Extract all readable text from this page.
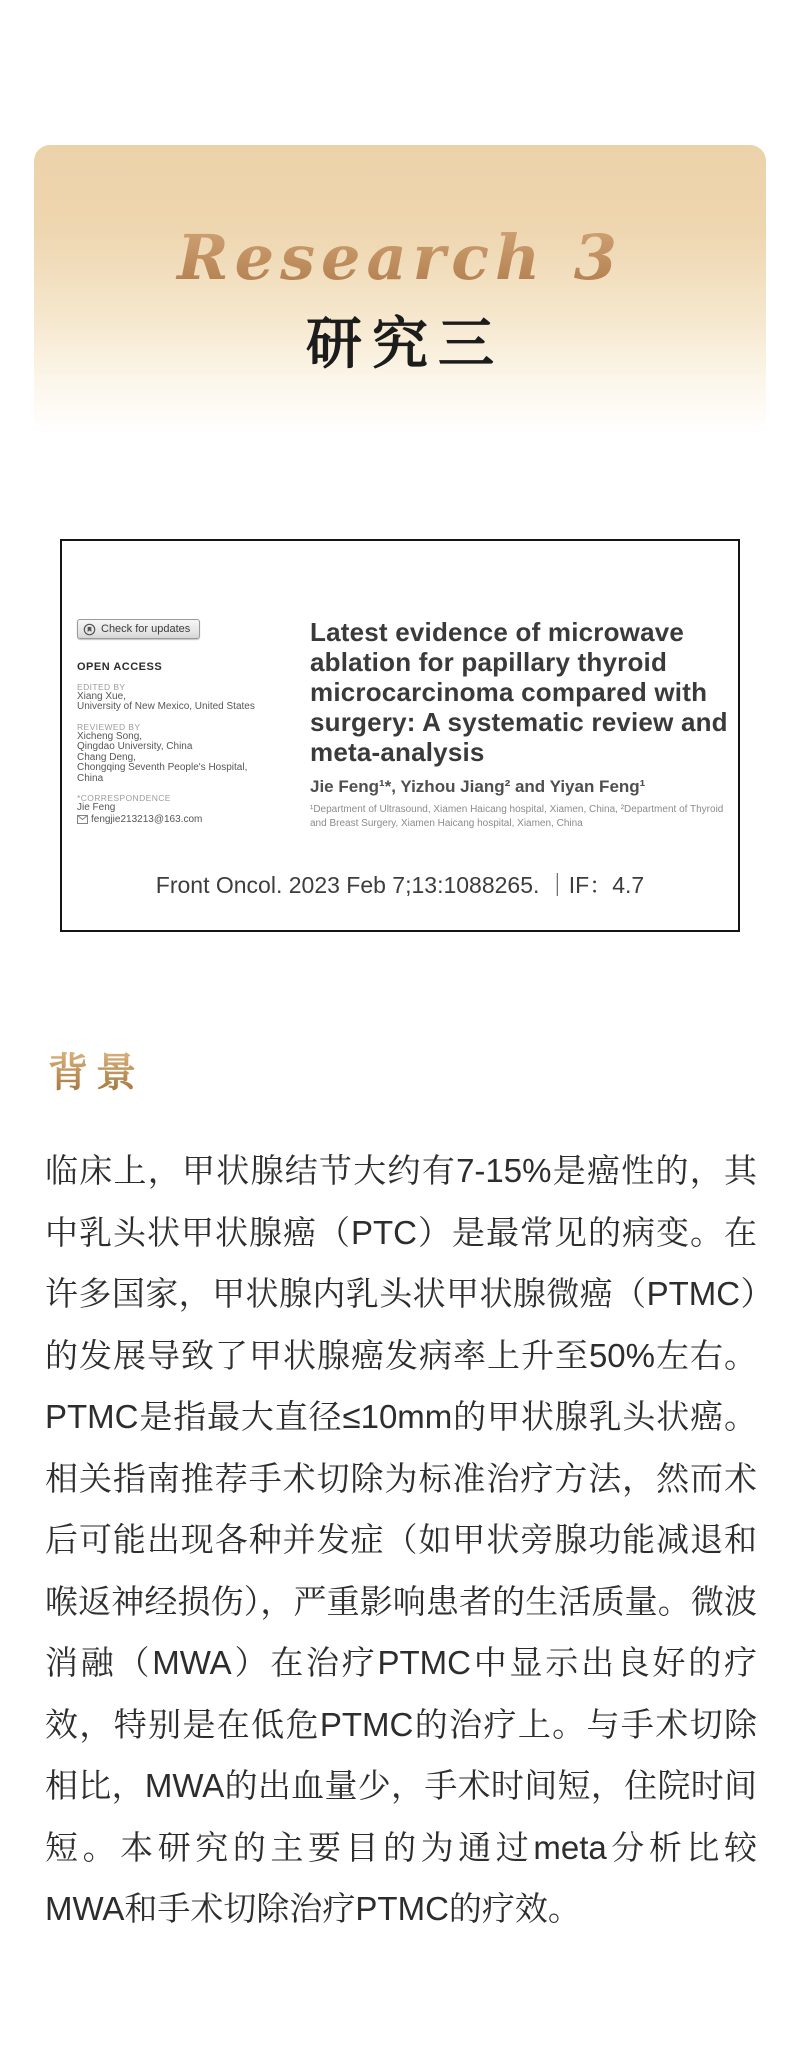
Research 3
研究三
Check for updates
OPEN ACCESS
EDITED BY
Xiang Xue,
University of New Mexico, United States
REVIEWED BY
Xicheng Song,
Qingdao University, China
Chang Deng,
Chongqing Seventh People's Hospital,
China
*CORRESPONDENCE
Jie Feng
fengjie213213@163.com
Latest evidence of microwave ablation for papillary thyroid microcarcinoma compared with surgery: A systematic review and meta-analysis
Jie Feng¹*, Yizhou Jiang² and Yiyan Feng¹
¹Department of Ultrasound, Xiamen Haicang hospital, Xiamen, China, ²Department of Thyroid and Breast Surgery, Xiamen Haicang hospital, Xiamen, China
Front Oncol. 2023 Feb 7;13:1088265. ｜IF：4.7
背景

临床上，甲状腺结节大约有7-15%是癌性的，其中乳头状甲状腺癌（PTC）是最常见的病变。在许多国家，甲状腺内乳头状甲状腺微癌（PTMC）的发展导致了甲状腺癌发病率上升至50%左右。PTMC是指最大直径≤10mm的甲状腺乳头状癌。相关指南推荐手术切除为标准治疗方法，然而术后可能出现各种并发症（如甲状旁腺功能减退和喉返神经损伤），严重影响患者的生活质量。微波消融（MWA）在治疗PTMC中显示出良好的疗效，特别是在低危PTMC的治疗上。与手术切除相比，MWA的出血量少，手术时间短，住院时间短。本研究的主要目的为通过meta分析比较MWA和手术切除治疗PTMC的疗效。
